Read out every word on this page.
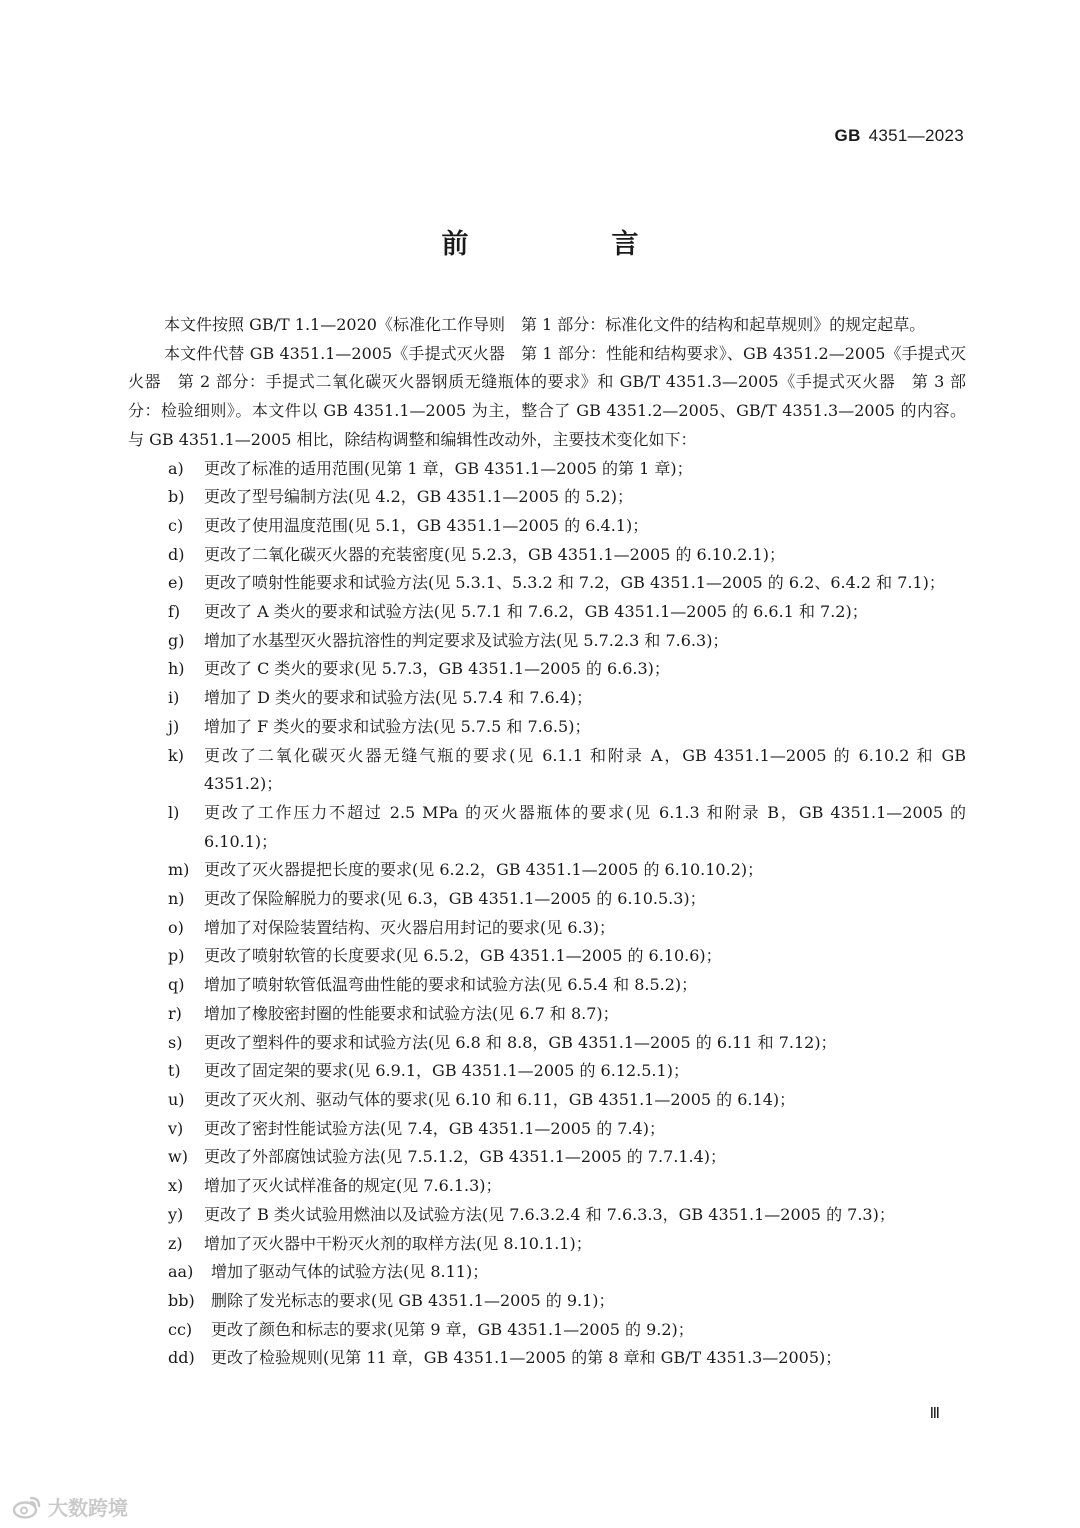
GB 4351—2023
前　言

本文件按照 GB/T 1.1—2020《标准化工作导则　第 1 部分：标准化文件的结构和起草规则》的规定起草。

本文件代替 GB 4351.1—2005《手提式灭火器　第 1 部分：性能和结构要求》、GB 4351.2—2005《手提式灭火器　第 2 部分：手提式二氧化碳灭火器钢质无缝瓶体的要求》和 GB/T 4351.3—2005《手提式灭火器　第 3 部分：检验细则》。本文件以 GB 4351.1—2005 为主，整合了 GB 4351.2—2005、GB/T 4351.3—2005 的内容。与 GB 4351.1—2005 相比，除结构调整和编辑性改动外，主要技术变化如下：

a)	更改了标准的适用范围(见第 1 章，GB 4351.1—2005 的第 1 章)；
b)	更改了型号编制方法(见 4.2，GB 4351.1—2005 的 5.2)；
c)	更改了使用温度范围(见 5.1，GB 4351.1—2005 的 6.4.1)；
d)	更改了二氧化碳灭火器的充装密度(见 5.2.3，GB 4351.1—2005 的 6.10.2.1)；
e)	更改了喷射性能要求和试验方法(见 5.3.1、5.3.2 和 7.2，GB 4351.1—2005 的 6.2、6.4.2 和 7.1)；
f)	更改了 A 类火的要求和试验方法(见 5.7.1 和 7.6.2，GB 4351.1—2005 的 6.6.1 和 7.2)；
g)	增加了水基型灭火器抗溶性的判定要求及试验方法(见 5.7.2.3 和 7.6.3)；
h)	更改了 C 类火的要求(见 5.7.3，GB 4351.1—2005 的 6.6.3)；
i)	增加了 D 类火的要求和试验方法(见 5.7.4 和 7.6.4)；
j)	增加了 F 类火的要求和试验方法(见 5.7.5 和 7.6.5)；
k)	更改了二氧化碳灭火器无缝气瓶的要求(见 6.1.1 和附录 A，GB 4351.1—2005 的 6.10.2 和 GB 4351.2)；
l)	更改了工作压力不超过 2.5 MPa 的灭火器瓶体的要求(见 6.1.3 和附录 B，GB 4351.1—2005 的 6.10.1)；
m) 更改了灭火器提把长度的要求(见 6.2.2，GB 4351.1—2005 的 6.10.10.2)；
n)	更改了保险解脱力的要求(见 6.3，GB 4351.1—2005 的 6.10.5.3)；
o)	增加了对保险装置结构、灭火器启用封记的要求(见 6.3)；
p)	更改了喷射软管的长度要求(见 6.5.2，GB 4351.1—2005 的 6.10.6)；
q)	增加了喷射软管低温弯曲性能的要求和试验方法(见 6.5.4 和 8.5.2)；
r)	增加了橡胶密封圈的性能要求和试验方法(见 6.7 和 8.7)；
s)	更改了塑料件的要求和试验方法(见 6.8 和 8.8，GB 4351.1—2005 的 6.11 和 7.12)；
t)	更改了固定架的要求(见 6.9.1，GB 4351.1—2005 的 6.12.5.1)；
u)	更改了灭火剂、驱动气体的要求(见 6.10 和 6.11，GB 4351.1—2005 的 6.14)；
v)	更改了密封性能试验方法(见 7.4，GB 4351.1—2005 的 7.4)；
w)	更改了外部腐蚀试验方法(见 7.5.1.2，GB 4351.1—2005 的 7.7.1.4)；
x)	增加了灭火试样准备的规定(见 7.6.1.3)；
y)	更改了 B 类火试验用燃油以及试验方法(见 7.6.3.2.4 和 7.6.3.3，GB 4351.1—2005 的 7.3)；
z)	增加了灭火器中干粉灭火剂的取样方法(见 8.10.1.1)；
aa)	增加了驱动气体的试验方法(见 8.11)；
bb)	删除了发光标志的要求(见 GB 4351.1—2005 的 9.1)；
cc)	更改了颜色和标志的要求(见第 9 章，GB 4351.1—2005 的 9.2)；
dd)	更改了检验规则(见第 11 章，GB 4351.1—2005 的第 8 章和 GB/T 4351.3—2005)；
Ⅲ
大数跨境
